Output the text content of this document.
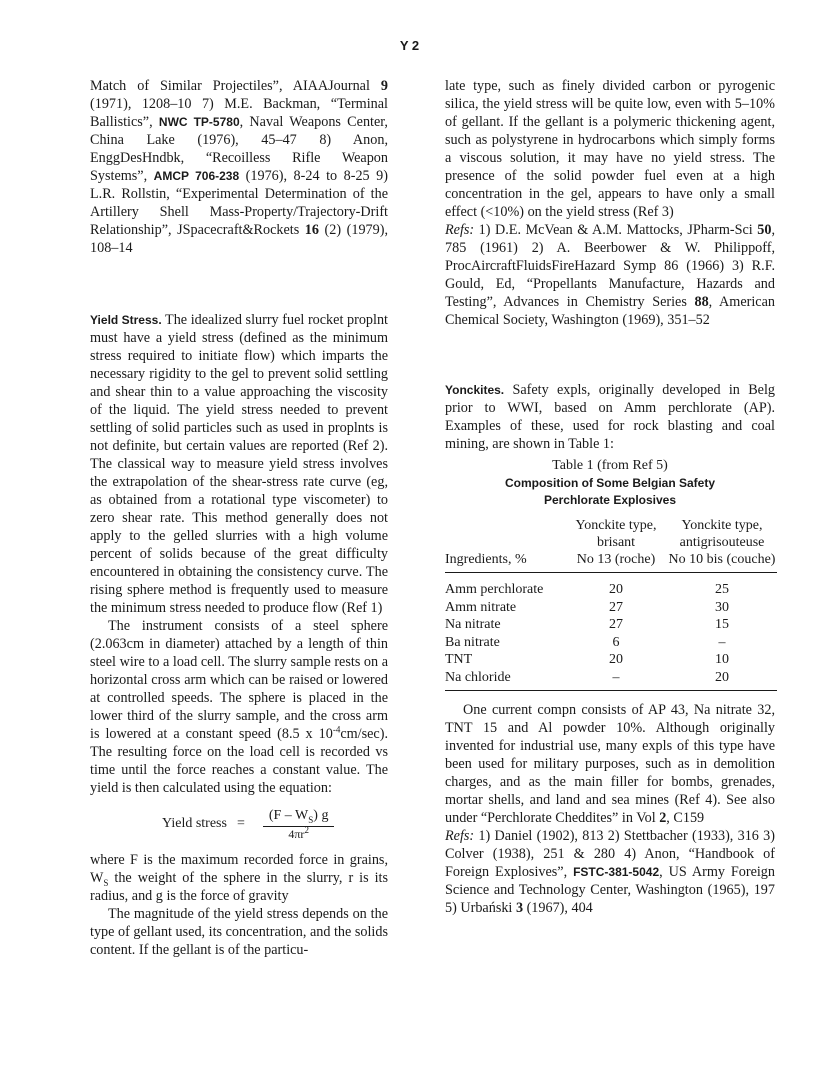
Y 2

Match of Similar Projectiles”, AIAAJournal 9 (1971), 1208–10 7) M.E. Backman, “Terminal Ballistics”, NWC TP-5780, Naval Weapons Center, China Lake (1976), 45–47 8) Anon, EnggDesHndbk, “Recoilless Rifle Weapon Systems”, AMCP 706-238 (1976), 8-24 to 8-25 9) L.R. Rollstin, “Experimental Determination of the Artillery Shell Mass-Property/Trajectory-Drift Relationship”, JSpacecraft&Rockets 16 (2) (1979), 108–14

Yield Stress. The idealized slurry fuel rocket proplnt must have a yield stress (defined as the minimum stress required to initiate flow) which imparts the necessary rigidity to the gel to prevent solid settling and shear thin to a value approaching the viscosity of the liquid. The yield stress needed to prevent settling of solid particles such as used in proplnts is not definite, but certain values are reported (Ref 2). The classical way to measure yield stress involves the extrapolation of the shear-stress rate curve (eg, as obtained from a rotational type viscometer) to zero shear rate. This method generally does not apply to the gelled slurries with a high volume percent of solids because of the great difficulty encountered in obtaining the consistency curve. The rising sphere method is frequently used to measure the minimum stress needed to produce flow (Ref 1)

The instrument consists of a steel sphere (2.063cm in diameter) attached by a length of thin steel wire to a load cell. The slurry sample rests on a horizontal cross arm which can be raised or lowered at controlled speeds. The sphere is placed in the lower third of the slurry sample, and the cross arm is lowered at a constant speed (8.5 x $10^{-4}cm/\sec$). The resulting force on the load cell is recorded vs time until the force reaches a constant value. The yield is then calculated using the equation:

Yield stress = $\frac{(F - W_S) g}{4\pi r^2}$

where F is the maximum recorded force in grains, $W_S$ the weight of the sphere in the slurry, r is its radius, and g is the force of gravity

The magnitude of the yield stress depends on the type of gellant used, its concentration, and the solids content. If the gellant is of the particu-

late type, such as finely divided carbon or pyrogenic silica, the yield stress will be quite low, even with 5–10% of gellant. If the gellant is a polymeric thickening agent, such as polystyrene in hydrocarbons which simply forms a viscous solution, it may have no yield stress. The presence of the solid powder fuel even at a high concentration in the gel, appears to have only a small effect (<10%) on the yield stress (Ref 3)

Refs: 1) D.E. McVean & A.M. Mattocks, JPharm-Sci 50, 785 (1961) 2) A. Beerbower & W. Philippoff, ProcAircraftFluidsFireHazard Symp 86 (1966) 3) R.F. Gould, Ed, “Propellants Manufacture, Hazards and Testing”, Advances in Chemistry Series 88, American Chemical Society, Washington (1969), 351–52

Yonckites. Safety expls, originally developed in Belg prior to WWI, based on Amm perchlorate (AP). Examples of these, used for rock blasting and coal mining, are shown in Table 1:

Table 1 (from Ref 5)
Composition of Some Belgian Safety
Perchlorate Explosives
	Yonckite type,	Yonckite type,
	brisant	antigrisouteuse
Ingredients, %	No 13 (roche)	No 10 bis (couche)
Amm perchlorate	20	25
Amm nitrate	27	30
Na nitrate	27	15
Ba nitrate	6	–
TNT	20	10
Na chloride	–	20

One current compn consists of AP 43, Na nitrate 32, TNT 15 and Al powder 10%. Although originally invented for industrial use, many expls of this type have been used for military purposes, such as in demolition charges, and as the main filler for bombs, grenades, mortar shells, and land and sea mines (Ref 4). See also under “Perchlorate Cheddites” in Vol 2, C159

Refs: 1) Daniel (1902), 813 2) Stettbacher (1933), 316 3) Colver (1938), 251 & 280 4) Anon, “Handbook of Foreign Explosives”, FSTC-381-5042, US Army Foreign Science and Technology Center, Washington (1965), 197 5) Urbański 3 (1967), 404
